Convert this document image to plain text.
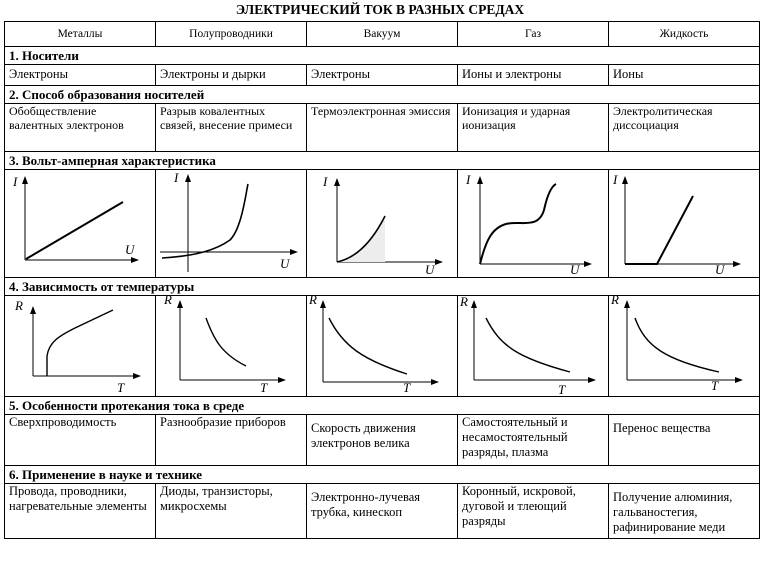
ЭЛЕКТРИЧЕСКИЙ ТОК В РАЗНЫХ СРЕДАХ
Металлы	Полупроводники	Вакуум	Газ	Жидкость
1. Носители				
Электроны	Электроны и дырки	Электроны	Ионы и электроны	Ионы
2. Способ образования носителей				
Обобществление валентных электронов	Разрыв ковалентных связей, внесение примеси	Термоэлектронная эмиссия	Ионизация и ударная ионизация	Электролитическая диссоциация
3. Вольт-амперная характеристика				

I
U	I
U	I
U	I
U	I
U

4. Зависимость от температуры				

R
T	R
T	R
T	R
T	R
T

5. Особенности протекания тока в среде				
Сверхпроводимость	Разнообразие приборов	Скорость движения электронов велика	Самостоятельный и несамостоятельный разряды, плазма	Перенос вещества
6. Применение в науке и технике				
Провода, проводники, нагревательные элементы	Диоды, транзисторы, микросхемы	Электронно-лучевая трубка, кинескоп	Коронный, искровой, дуговой и тлеющий разряды	Получение алюминия, гальваностегия, рафинирование меди
